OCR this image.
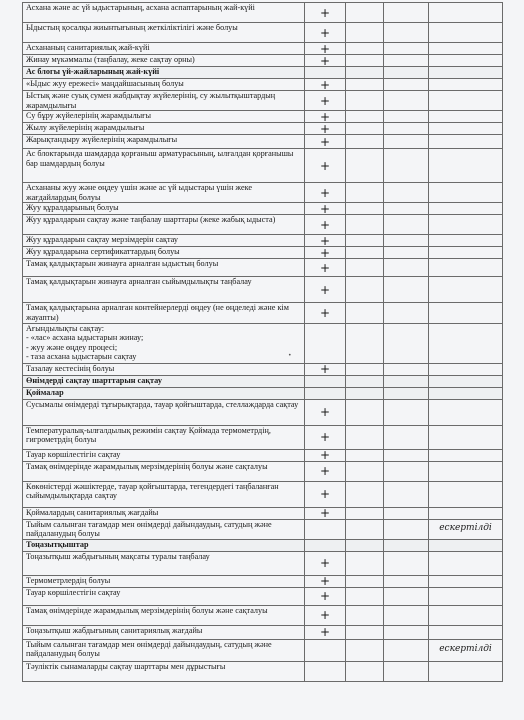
Асхана және ас үй ыдыстарының, асхана аспаптарының жай-күйі	+			
Ыдыстың қосалқы жиынтығының жеткіліктілігі және болуы	+			
Асхананың санитариялық жай-күйі	+			
Жинау мүкәммалы (таңбалау, жеке сақтау орны)	+			
Ас блогы үй-жайларының жай-күйі				
«Ыдыс жуу ережесі» маңдайшасының болуы	+			
Ыстық және суық сумен жабдықтау жүйелерінің, су жылытқыштардың жарамдылығы	+			
Су бұру жүйелерінің жарамдылығы	+			
Жылу жүйелерінің жарамдылығы	+			
Жарықтандыру жүйелерінің жарамдылығы	+			
Ас блоктарында шамдарда қорғаныш арматурасының, ылғалдан қорғанышы бар шамдардың болуы	+			
Асхананы жуу және өңдеу үшін және ас үй ыдыстары үшін жеке жағдайлардың болуы	+			
Жуу құралдарының болуы	+			
Жуу құралдарын сақтау және таңбалау шарттары (жеке жабық ыдыста)	+			
Жуу құралдарын сақтау мерзімдерін сақтау	+			
Жуу құралдарына сертификаттардың болуы	+			
Тамақ қалдықтарын жинауға арналған ыдыстың болуы	+			
Тамақ қалдықтарын жинауға арналған сыйымдылықты таңбалау	+			
Тамақ қалдықтарына арналған контейнерлерді өңдеу (не өңделеді және кім жауапты)	+			
Ағындылықты сақтау:
- «лас» асхана ыдыстарын жинау;
- жуу және өңдеу процесі;
- таза асхана ыдыстарын сақтау				
Тазалау кестесінің болуы	+			
Өнімдерді сақтау шарттарын сақтау				
Қоймалар				
Сусымалы өнімдерді тұғырықтарда, тауар қойғыштарда, стеллаждарда сақтау	+			
Температуралық-ылғалдылық режимін сақтау Қоймада термометрдің, гигрометрдің болуы	+			
Тауар көршілестігін сақтау	+			
Тамақ өнімдерінде жарамдылық мерзімдерінің болуы және сақталуы	+			
Көкөністерді жәшіктерде, тауар қойғыштарда, тегендердегі таңбаланған сыйымдылықтарда сақтау	+			
Қоймалардың санитариялық жағдайы	+			
Тыйым салынған тағамдар мен өнімдерді дайындаудың, сатудың және пайдаланудың болуы				ескертілді
Тоңазытқыштар				
Тоңазытқыш жабдығының мақсаты туралы таңбалау	+			
Термометрлердің болуы	+			
Тауар көршілестігін сақтау	+			
Тамақ өнімдерінде жарамдылық мерзімдерінің болуы және сақталуы	+			
Тоңазытқыш жабдығының санитариялық жағдайы	+			
Тыйым салынған тағамдар мен өнімдерді дайындаудың, сатудың және пайдаланудың болуы				ескертілді
Тәуліктік сынамаларды сақтау шарттары мен дұрыстығы				
•
